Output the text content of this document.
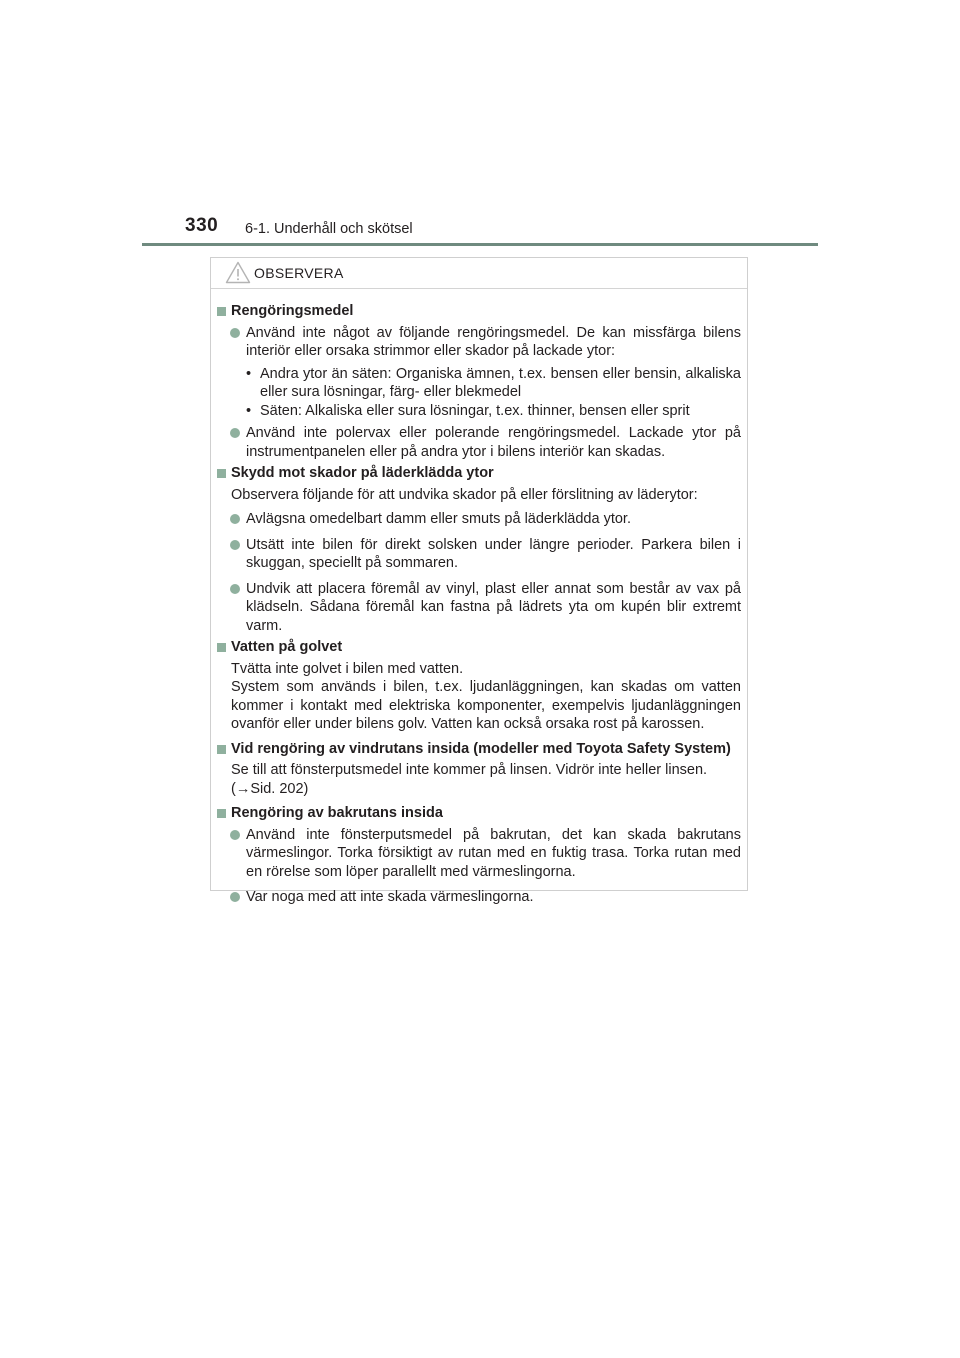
330 6-1. Underhåll och skötsel
OBSERVERA
Rengöringsmedel
Använd inte något av följande rengöringsmedel. De kan missfärga bilens interiör eller orsaka strimmor eller skador på lackade ytor:
• Andra ytor än säten: Organiska ämnen, t.ex. bensen eller bensin, alkaliska eller sura lösningar, färg- eller blekmedel
• Säten: Alkaliska eller sura lösningar, t.ex. thinner, bensen eller sprit
Använd inte polervax eller polerande rengöringsmedel. Lackade ytor på instrumentpanelen eller på andra ytor i bilens interiör kan skadas.
Skydd mot skador på läderklädda ytor
Observera följande för att undvika skador på eller förslitning av läderytor:
Avlägsna omedelbart damm eller smuts på läderklädda ytor.
Utsätt inte bilen för direkt solsken under längre perioder. Parkera bilen i skuggan, speciellt på sommaren.
Undvik att placera föremål av vinyl, plast eller annat som består av vax på klädseln. Sådana föremål kan fastna på lädrets yta om kupén blir extremt varm.
Vatten på golvet
Tvätta inte golvet i bilen med vatten.
System som används i bilen, t.ex. ljudanläggningen, kan skadas om vatten kommer i kontakt med elektriska komponenter, exempelvis ljudanläggningen ovanför eller under bilens golv. Vatten kan också orsaka rost på karossen.
Vid rengöring av vindrutans insida (modeller med Toyota Safety System)
Se till att fönsterputsmedel inte kommer på linsen. Vidrör inte heller linsen.
(→Sid. 202)
Rengöring av bakrutans insida
Använd inte fönsterputsmedel på bakrutan, det kan skada bakrutans värmeslingor. Torka försiktigt av rutan med en fuktig trasa. Torka rutan med en rörelse som löper parallellt med värmeslingorna.
Var noga med att inte skada värmeslingorna.
